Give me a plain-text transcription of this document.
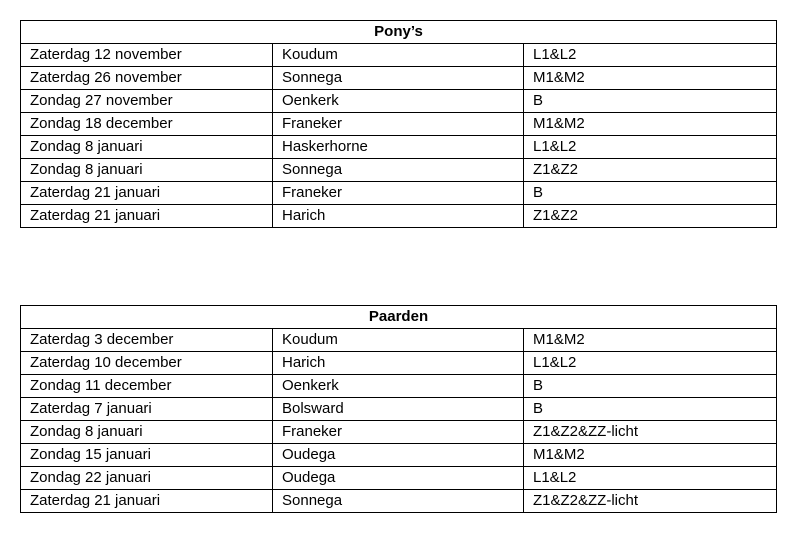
Pony’s		
Zaterdag 12 november	Koudum	L1&L2
Zaterdag 26 november	Sonnega	M1&M2
Zondag 27 november	Oenkerk	B
Zondag 18 december	Franeker	M1&M2
Zondag 8 januari	Haskerhorne	L1&L2
Zondag 8 januari	Sonnega	Z1&Z2
Zaterdag 21 januari	Franeker	B
Zaterdag 21 januari	Harich	Z1&Z2
Paarden		
Zaterdag 3 december	Koudum	M1&M2
Zaterdag 10 december	Harich	L1&L2
Zondag 11 december	Oenkerk	B
Zaterdag 7 januari	Bolsward	B
Zondag 8 januari	Franeker	Z1&Z2&ZZ-licht
Zondag 15 januari	Oudega	M1&M2
Zondag 22 januari	Oudega	L1&L2
Zaterdag 21 januari	Sonnega	Z1&Z2&ZZ-licht
